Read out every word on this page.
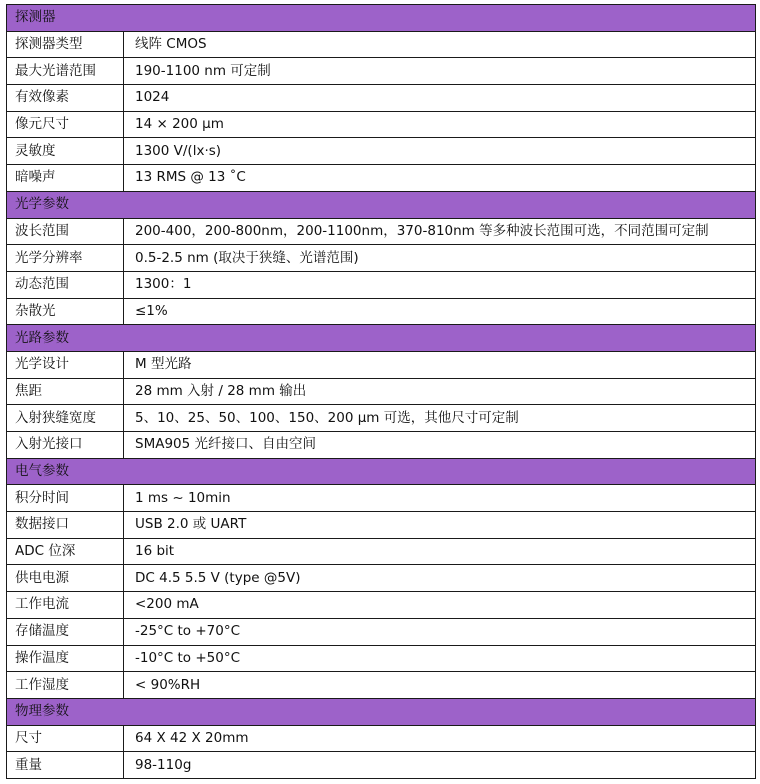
探测器	
探测器类型	线阵 CMOS
最大光谱范围	190-1100 nm 可定制
有效像素	1024
像元尺寸	14 × 200 μm
灵敏度	1300 V/(lx·s)
暗噪声	13 RMS @ 13 ˚C
光学参数	
波长范围	200-400，200-800nm，200-1100nm，370-810nm 等多种波长范围可选，不同范围可定制
光学分辨率	0.5-2.5 nm (取决于狭缝、光谱范围)
动态范围	1300：1
杂散光	≤1%
光路参数	
光学设计	M 型光路
焦距	28 mm 入射 / 28 mm 输出
入射狭缝宽度	5、10、25、50、100、150、200 μm 可选，其他尺寸可定制
入射光接口	SMA905 光纤接口、自由空间
电气参数	
积分时间	1 ms ~ 10min
数据接口	USB 2.0 或 UART
ADC 位深	16 bit
供电电源	DC 4.5 5.5 V (type @5V)
工作电流	<200 mA
存储温度	-25°C to +70°C
操作温度	-10°C to +50°C
工作湿度	< 90%RH
物理参数	
尺寸	64 X 42 X 20mm
重量	98-110g
